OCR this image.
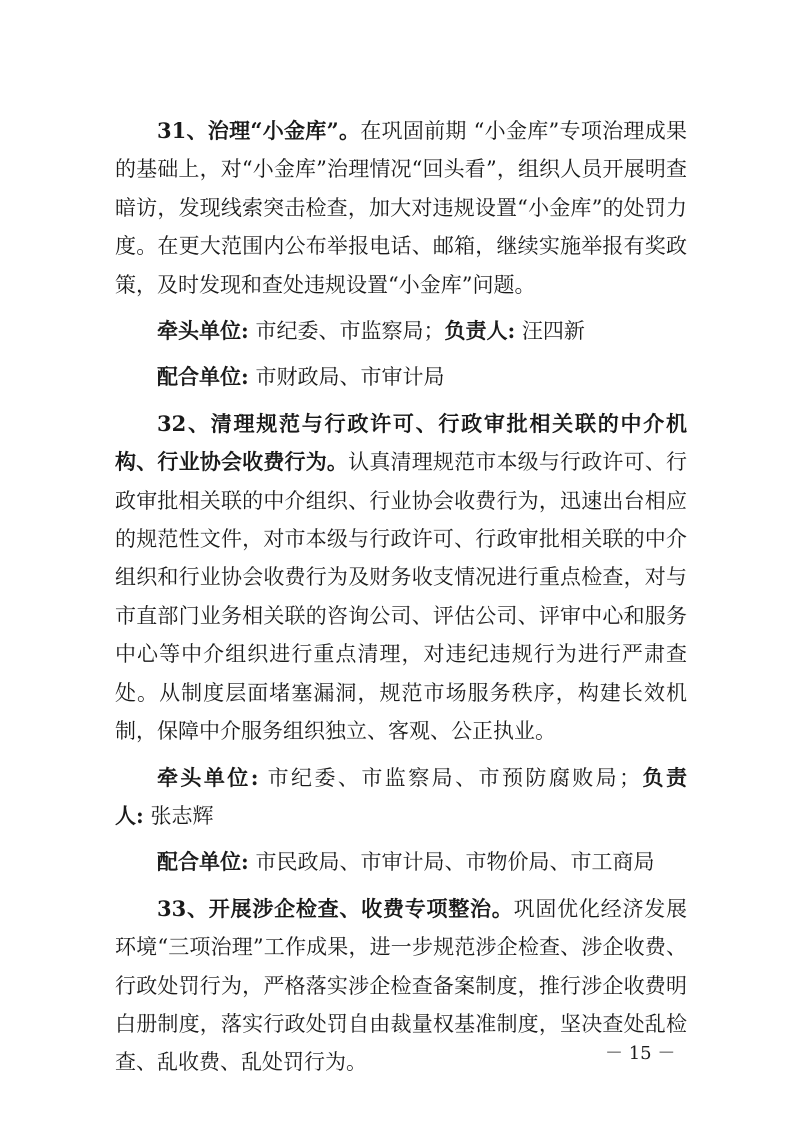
31、治理“小金库”。在巩固前期 “小金库”专项治理成果的基础上，对“小金库”治理情况“回头看”，组织人员开展明查暗访，发现线索突击检查，加大对违规设置“小金库”的处罚力度。在更大范围内公布举报电话、邮箱，继续实施举报有奖政策，及时发现和查处违规设置“小金库”问题。

牵头单位: 市纪委、市监察局；负责人: 汪四新

配合单位: 市财政局、市审计局

32、清理规范与行政许可、行政审批相关联的中介机构、行业协会收费行为。认真清理规范市本级与行政许可、行政审批相关联的中介组织、行业协会收费行为，迅速出台相应的规范性文件，对市本级与行政许可、行政审批相关联的中介组织和行业协会收费行为及财务收支情况进行重点检查，对与市直部门业务相关联的咨询公司、评估公司、评审中心和服务中心等中介组织进行重点清理，对违纪违规行为进行严肃查处。从制度层面堵塞漏洞，规范市场服务秩序，构建长效机制，保障中介服务组织独立、客观、公正执业。

牵头单位: 市纪委、市监察局、市预防腐败局；负责人: 张志辉

配合单位: 市民政局、市审计局、市物价局、市工商局

33、开展涉企检查、收费专项整治。巩固优化经济发展环境“三项治理”工作成果，进一步规范涉企检查、涉企收费、行政处罚行为，严格落实涉企检查备案制度，推行涉企收费明白册制度，落实行政处罚自由裁量权基准制度，坚决查处乱检查、乱收费、乱处罚行为。	－ 15 －
